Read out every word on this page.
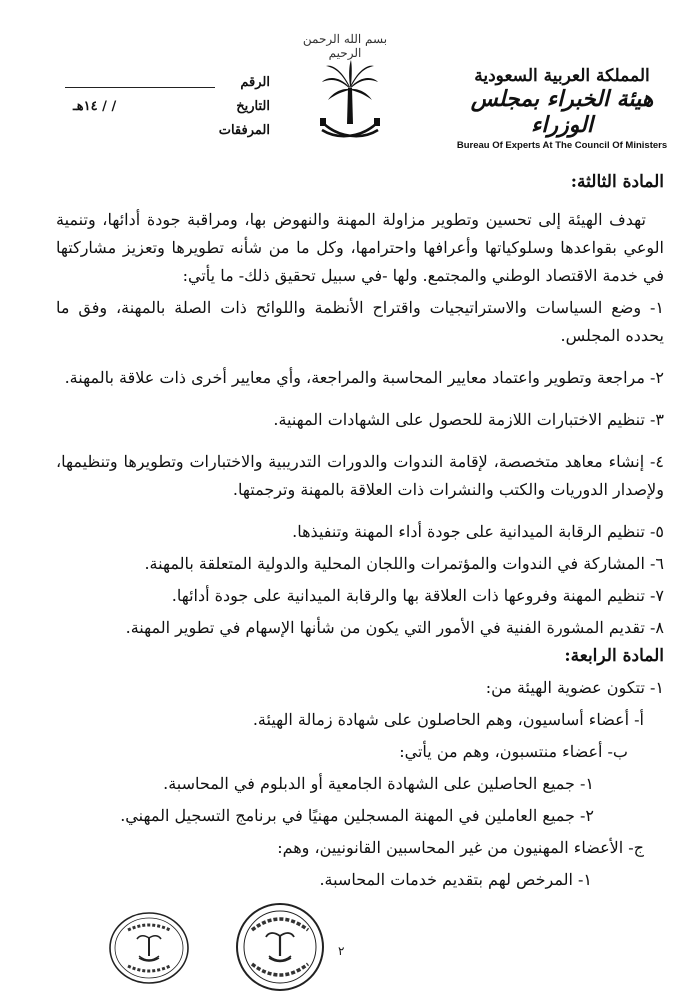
بسم الله الرحمن الرحيم
المملكة العربية السعودية
هيئة الخبراء بمجلس الوزراء
Bureau Of Experts At The Council Of Ministers
الرقم
التاريخ
/ / ١٤هـ
المرفقات

المادة الثالثة:

تهدف الهيئة إلى تحسين وتطوير مزاولة المهنة والنهوض بها، ومراقبة جودة أدائها، وتنمية الوعي بقواعدها وسلوكياتها وأعرافها واحترامها، وكل ما من شأنه تطويرها وتعزيز مشاركتها في خدمة الاقتصاد الوطني والمجتمع. ولها -في سبيل تحقيق ذلك- ما يأتي:

١- وضع السياسات والاستراتيجيات واقتراح الأنظمة واللوائح ذات الصلة بالمهنة، وفق ما يحدده المجلس.

٢- مراجعة وتطوير واعتماد معايير المحاسبة والمراجعة، وأي معايير أخرى ذات علاقة بالمهنة.

٣- تنظيم الاختبارات اللازمة للحصول على الشهادات المهنية.

٤- إنشاء معاهد متخصصة، لإقامة الندوات والدورات التدريبية والاختبارات وتطويرها وتنظيمها، ولإصدار الدوريات والكتب والنشرات ذات العلاقة بالمهنة وترجمتها.

٥- تنظيم الرقابة الميدانية على جودة أداء المهنة وتنفيذها.

٦- المشاركة في الندوات والمؤتمرات واللجان المحلية والدولية المتعلقة بالمهنة.

٧- تنظيم المهنة وفروعها ذات العلاقة بها والرقابة الميدانية على جودة أدائها.

٨- تقديم المشورة الفنية في الأمور التي يكون من شأنها الإسهام في تطوير المهنة.

المادة الرابعة:

١- تتكون عضوية الهيئة من:

أ- أعضاء أساسيون، وهم الحاصلون على شهادة زمالة الهيئة.

ب- أعضاء منتسبون، وهم من يأتي:

١- جميع الحاصلين على الشهادة الجامعية أو الدبلوم في المحاسبة.

٢- جميع العاملين في المهنة المسجلين مهنيًا في برنامج التسجيل المهني.

ج- الأعضاء المهنيون من غير المحاسبين القانونيين، وهم:

١- المرخص لهم بتقديم خدمات المحاسبة.

٢
